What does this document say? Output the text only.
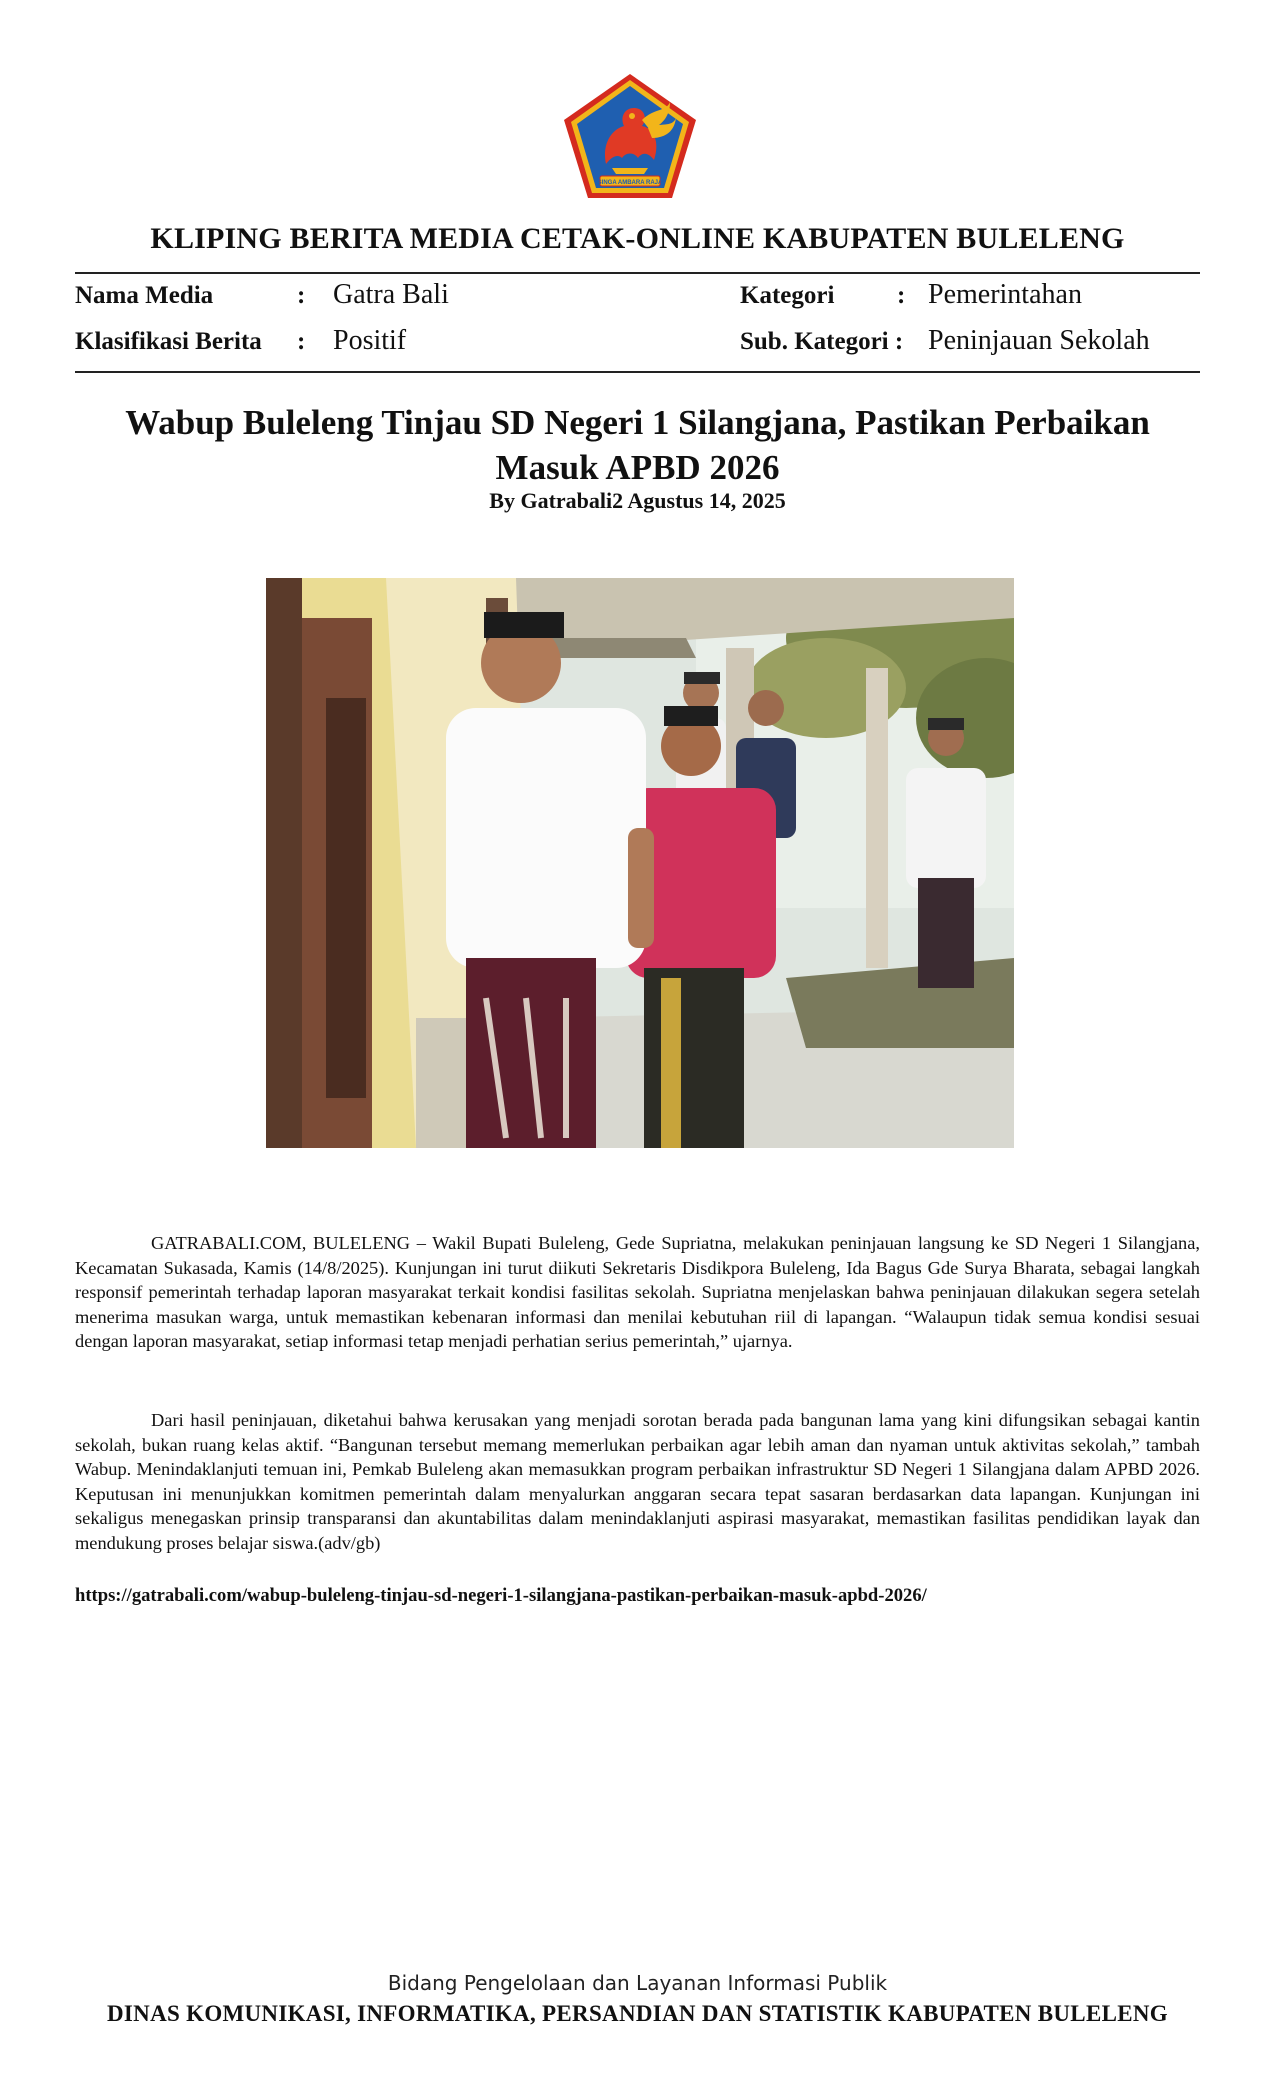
SINGA AMBARA RAJA
KLIPING BERITA MEDIA CETAK-ONLINE KABUPATEN BULELENG
Nama Media	: Gatra Bali
Klasifikasi Berita : Positif
Kategori	: Pemerintahan
Sub. Kategori : Peninjauan Sekolah
Wabup Buleleng Tinjau SD Negeri 1 Silangjana, Pastikan Perbaikan Masuk APBD 2026
By Gatrabali2 Agustus 14, 2025

GATRABALI.COM, BULELENG – Wakil Bupati Buleleng, Gede Supriatna, melakukan peninjauan langsung ke SD Negeri 1 Silangjana, Kecamatan Sukasada, Kamis (14/8/2025). Kunjungan ini turut diikuti Sekretaris Disdikpora Buleleng, Ida Bagus Gde Surya Bharata, sebagai langkah responsif pemerintah terhadap laporan masyarakat terkait kondisi fasilitas sekolah. Supriatna menjelaskan bahwa peninjauan dilakukan segera setelah menerima masukan warga, untuk memastikan kebenaran informasi dan menilai kebutuhan riil di lapangan. “Walaupun tidak semua kondisi sesuai dengan laporan masyarakat, setiap informasi tetap menjadi perhatian serius pemerintah,” ujarnya.

Dari hasil peninjauan, diketahui bahwa kerusakan yang menjadi sorotan berada pada bangunan lama yang kini difungsikan sebagai kantin sekolah, bukan ruang kelas aktif. “Bangunan tersebut memang memerlukan perbaikan agar lebih aman dan nyaman untuk aktivitas sekolah,” tambah Wabup. Menindaklanjuti temuan ini, Pemkab Buleleng akan memasukkan program perbaikan infrastruktur SD Negeri 1 Silangjana dalam APBD 2026. Keputusan ini menunjukkan komitmen pemerintah dalam menyalurkan anggaran secara tepat sasaran berdasarkan data lapangan. Kunjungan ini sekaligus menegaskan prinsip transparansi dan akuntabilitas dalam menindaklanjuti aspirasi masyarakat, memastikan fasilitas pendidikan layak dan mendukung proses belajar siswa.(adv/gb)

https://gatrabali.com/wabup-buleleng-tinjau-sd-negeri-1-silangjana-pastikan-perbaikan-masuk-apbd-2026/
Bidang Pengelolaan dan Layanan Informasi Publik
DINAS KOMUNIKASI, INFORMATIKA, PERSANDIAN DAN STATISTIK KABUPATEN BULELENG
